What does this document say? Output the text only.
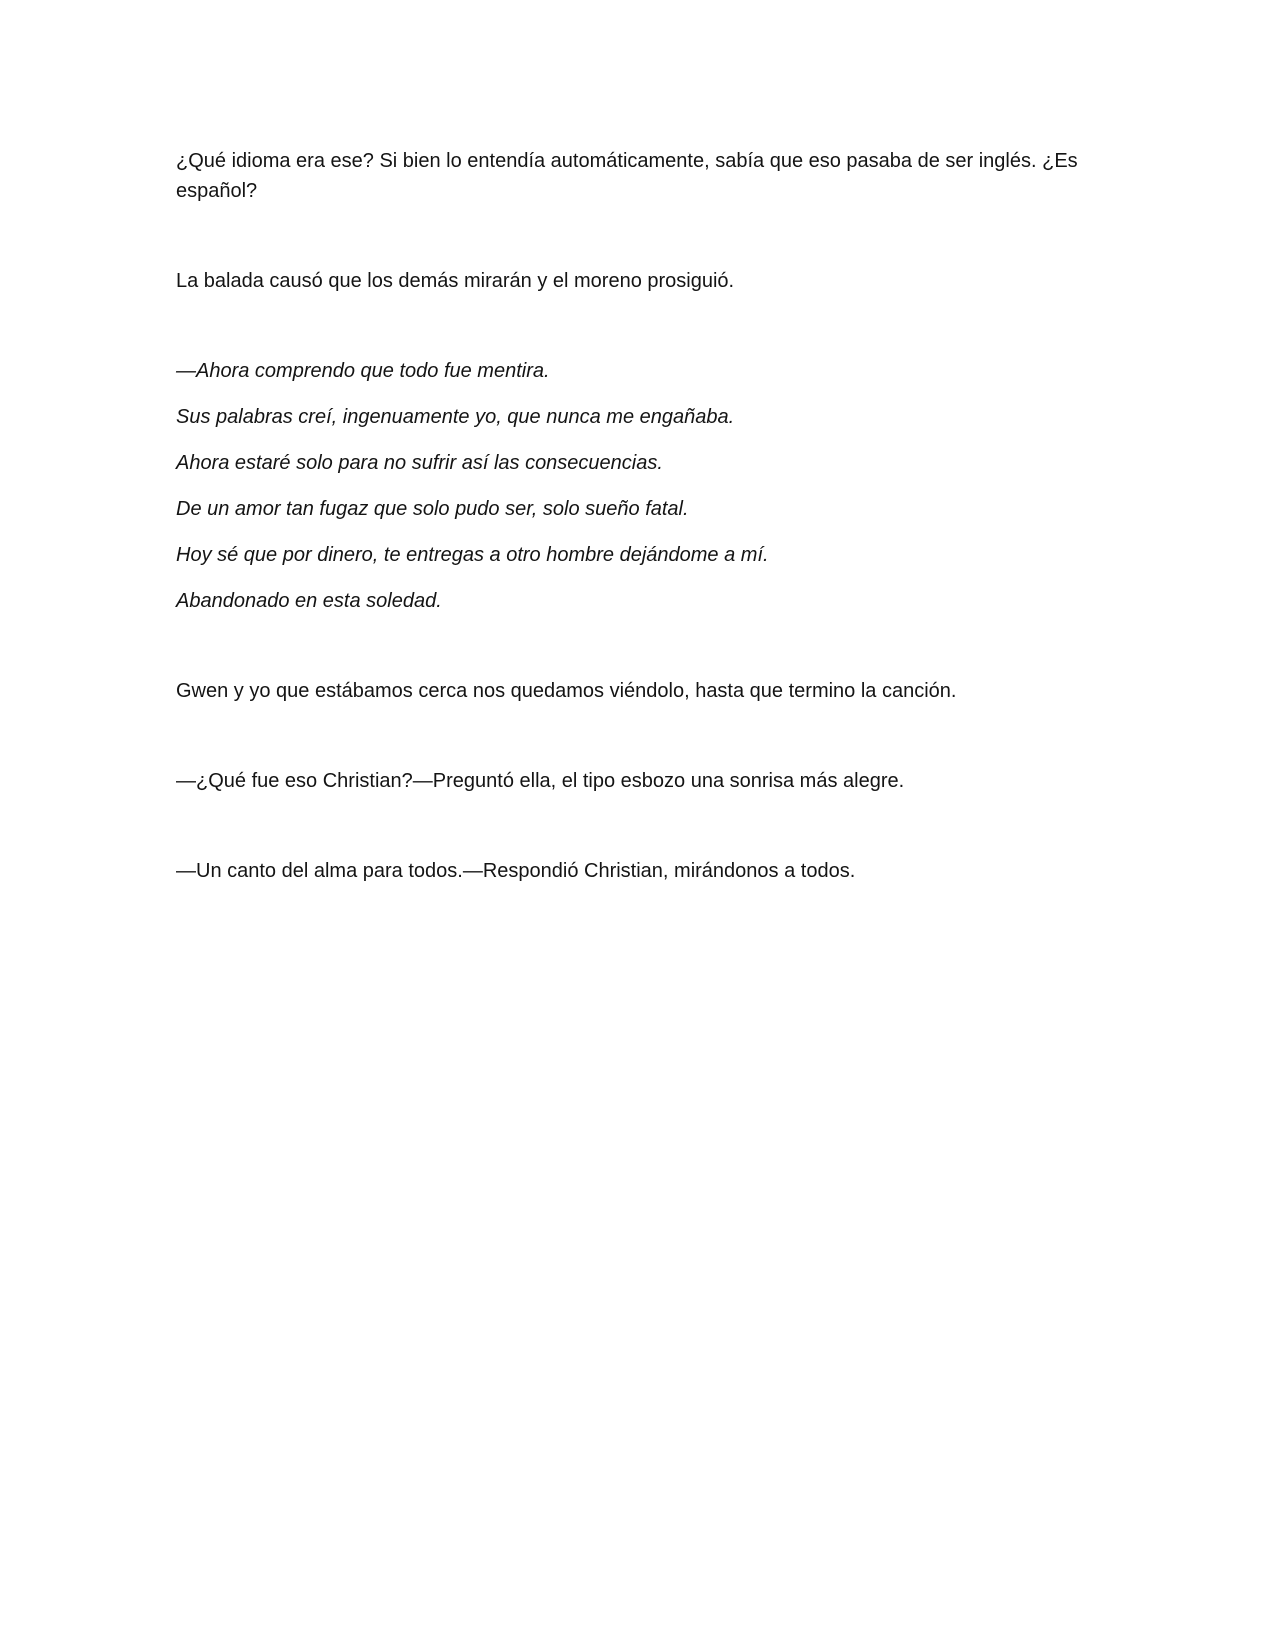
¿Qué idioma era ese? Si bien lo entendía automáticamente, sabía que eso pasaba de ser inglés. ¿Es español?

La balada causó que los demás mirarán y el moreno prosiguió.

—Ahora comprendo que todo fue mentira.

Sus palabras creí, ingenuamente yo, que nunca me engañaba.

Ahora estaré solo para no sufrir así las consecuencias.

De un amor tan fugaz que solo pudo ser, solo sueño fatal.

Hoy sé que por dinero, te entregas a otro hombre dejándome a mí.

Abandonado en esta soledad.

Gwen y yo que estábamos cerca nos quedamos viéndolo, hasta que termino la canción.

—¿Qué fue eso Christian?—Preguntó ella, el tipo esbozo una sonrisa más alegre.

—Un canto del alma para todos.—Respondió Christian, mirándonos a todos.
